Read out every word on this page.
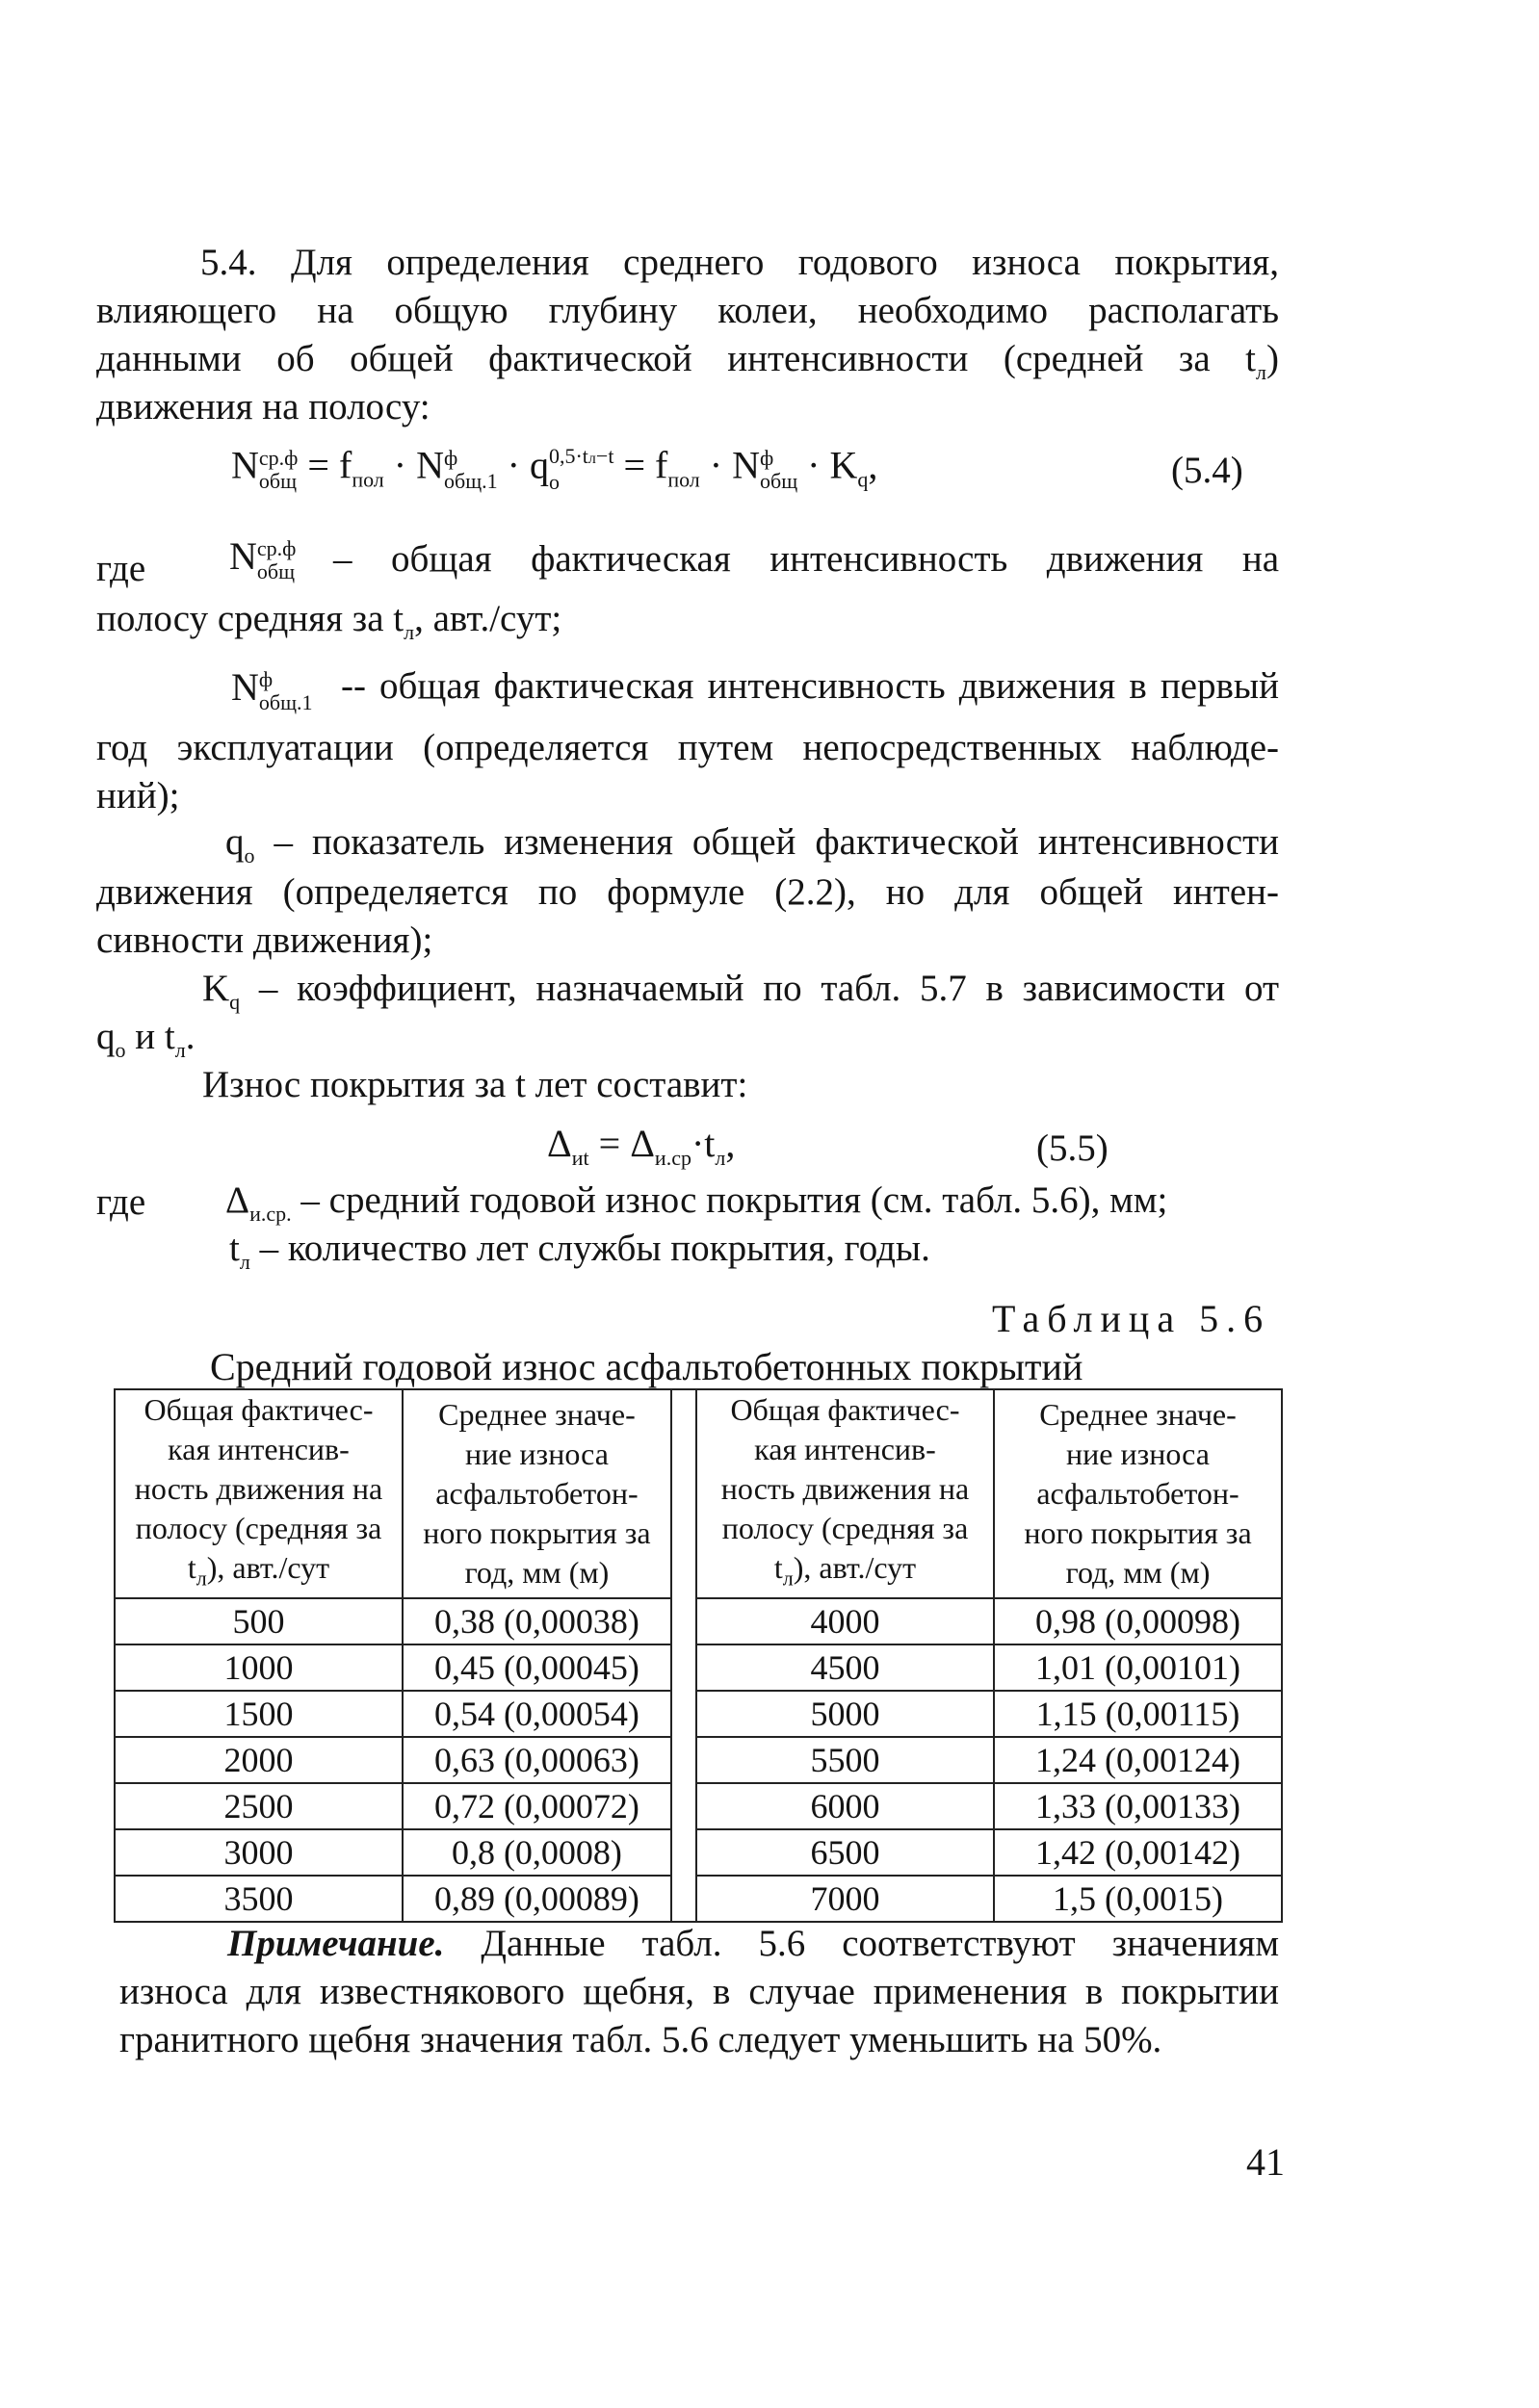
5.4. Для определения среднего годового износа покрытия,
влияющего на общую глубину колеи, необходимо располагать
данными об общей фактической интенсивности (средней за $t_л$)
движения на полосу:
N ср.ф
общ = $f_{пол} \cdot N$ ф
общ.1 · q 0,5·tл−t
о	= $f_{пол} \cdot N$ ф
общ · $K_q$,	(5.4)
где N ср.ф
общ – общая фактическая интенсивность движения на
полосу средняя за $t_л$, авт./сут;
N ф
общ.1 -- общая фактическая интенсивность движения в первый
год эксплуатации (определяется путем непосредственных наблюде-
ний);
$q_о$ – показатель изменения общей фактической интенсивности
движения (определяется по формуле (2.2), но для общей интен-
сивности движения);
$K_q$ – коэффициент, назначаемый по табл. 5.7 в зависимости от
$q_о$ и $t_л$.
Износ покрытия за t лет составит:
$\Delta_{иt} = \Delta_{и.ср}\cdot t_л$,	(5.5)
где $\Delta_{и.ср.}$ – средний годовой износ покрытия (см. табл. 5.6), мм;
$t_л$ – количество лет службы покрытия, годы.
Таблица 5.6
Средний годовой износ асфальтобетонных покрытий
Общая фактичес-
кая интенсив-
ность движения на
полосу (средняя за
$t_л$), авт./сут	Среднее значе-
ние износа
асфальтобетон-
ного покрытия за
год, мм (м)		Общая фактичес-
кая интенсив-
ность движения на
полосу (средняя за
$t_л$), авт./сут	Среднее значе-
ние износа
асфальтобетон-
ного покрытия за
год, мм (м)
500	0,38 (0,00038)		4000	0,98 (0,00098)
1000	0,45 (0,00045)		4500	1,01 (0,00101)
1500	0,54 (0,00054)		5000	1,15 (0,00115)
2000	0,63 (0,00063)		5500	1,24 (0,00124)
2500	0,72 (0,00072)		6000	1,33 (0,00133)
3000	0,8 (0,0008)		6500	1,42 (0,00142)
3500	0,89 (0,00089)		7000	1,5 (0,0015)
Примечание. Данные табл. 5.6 соответствуют значениям
износа для известнякового щебня, в случае применения в покрытии
гранитного щебня значения табл. 5.6 следует уменьшить на 50%.
41
